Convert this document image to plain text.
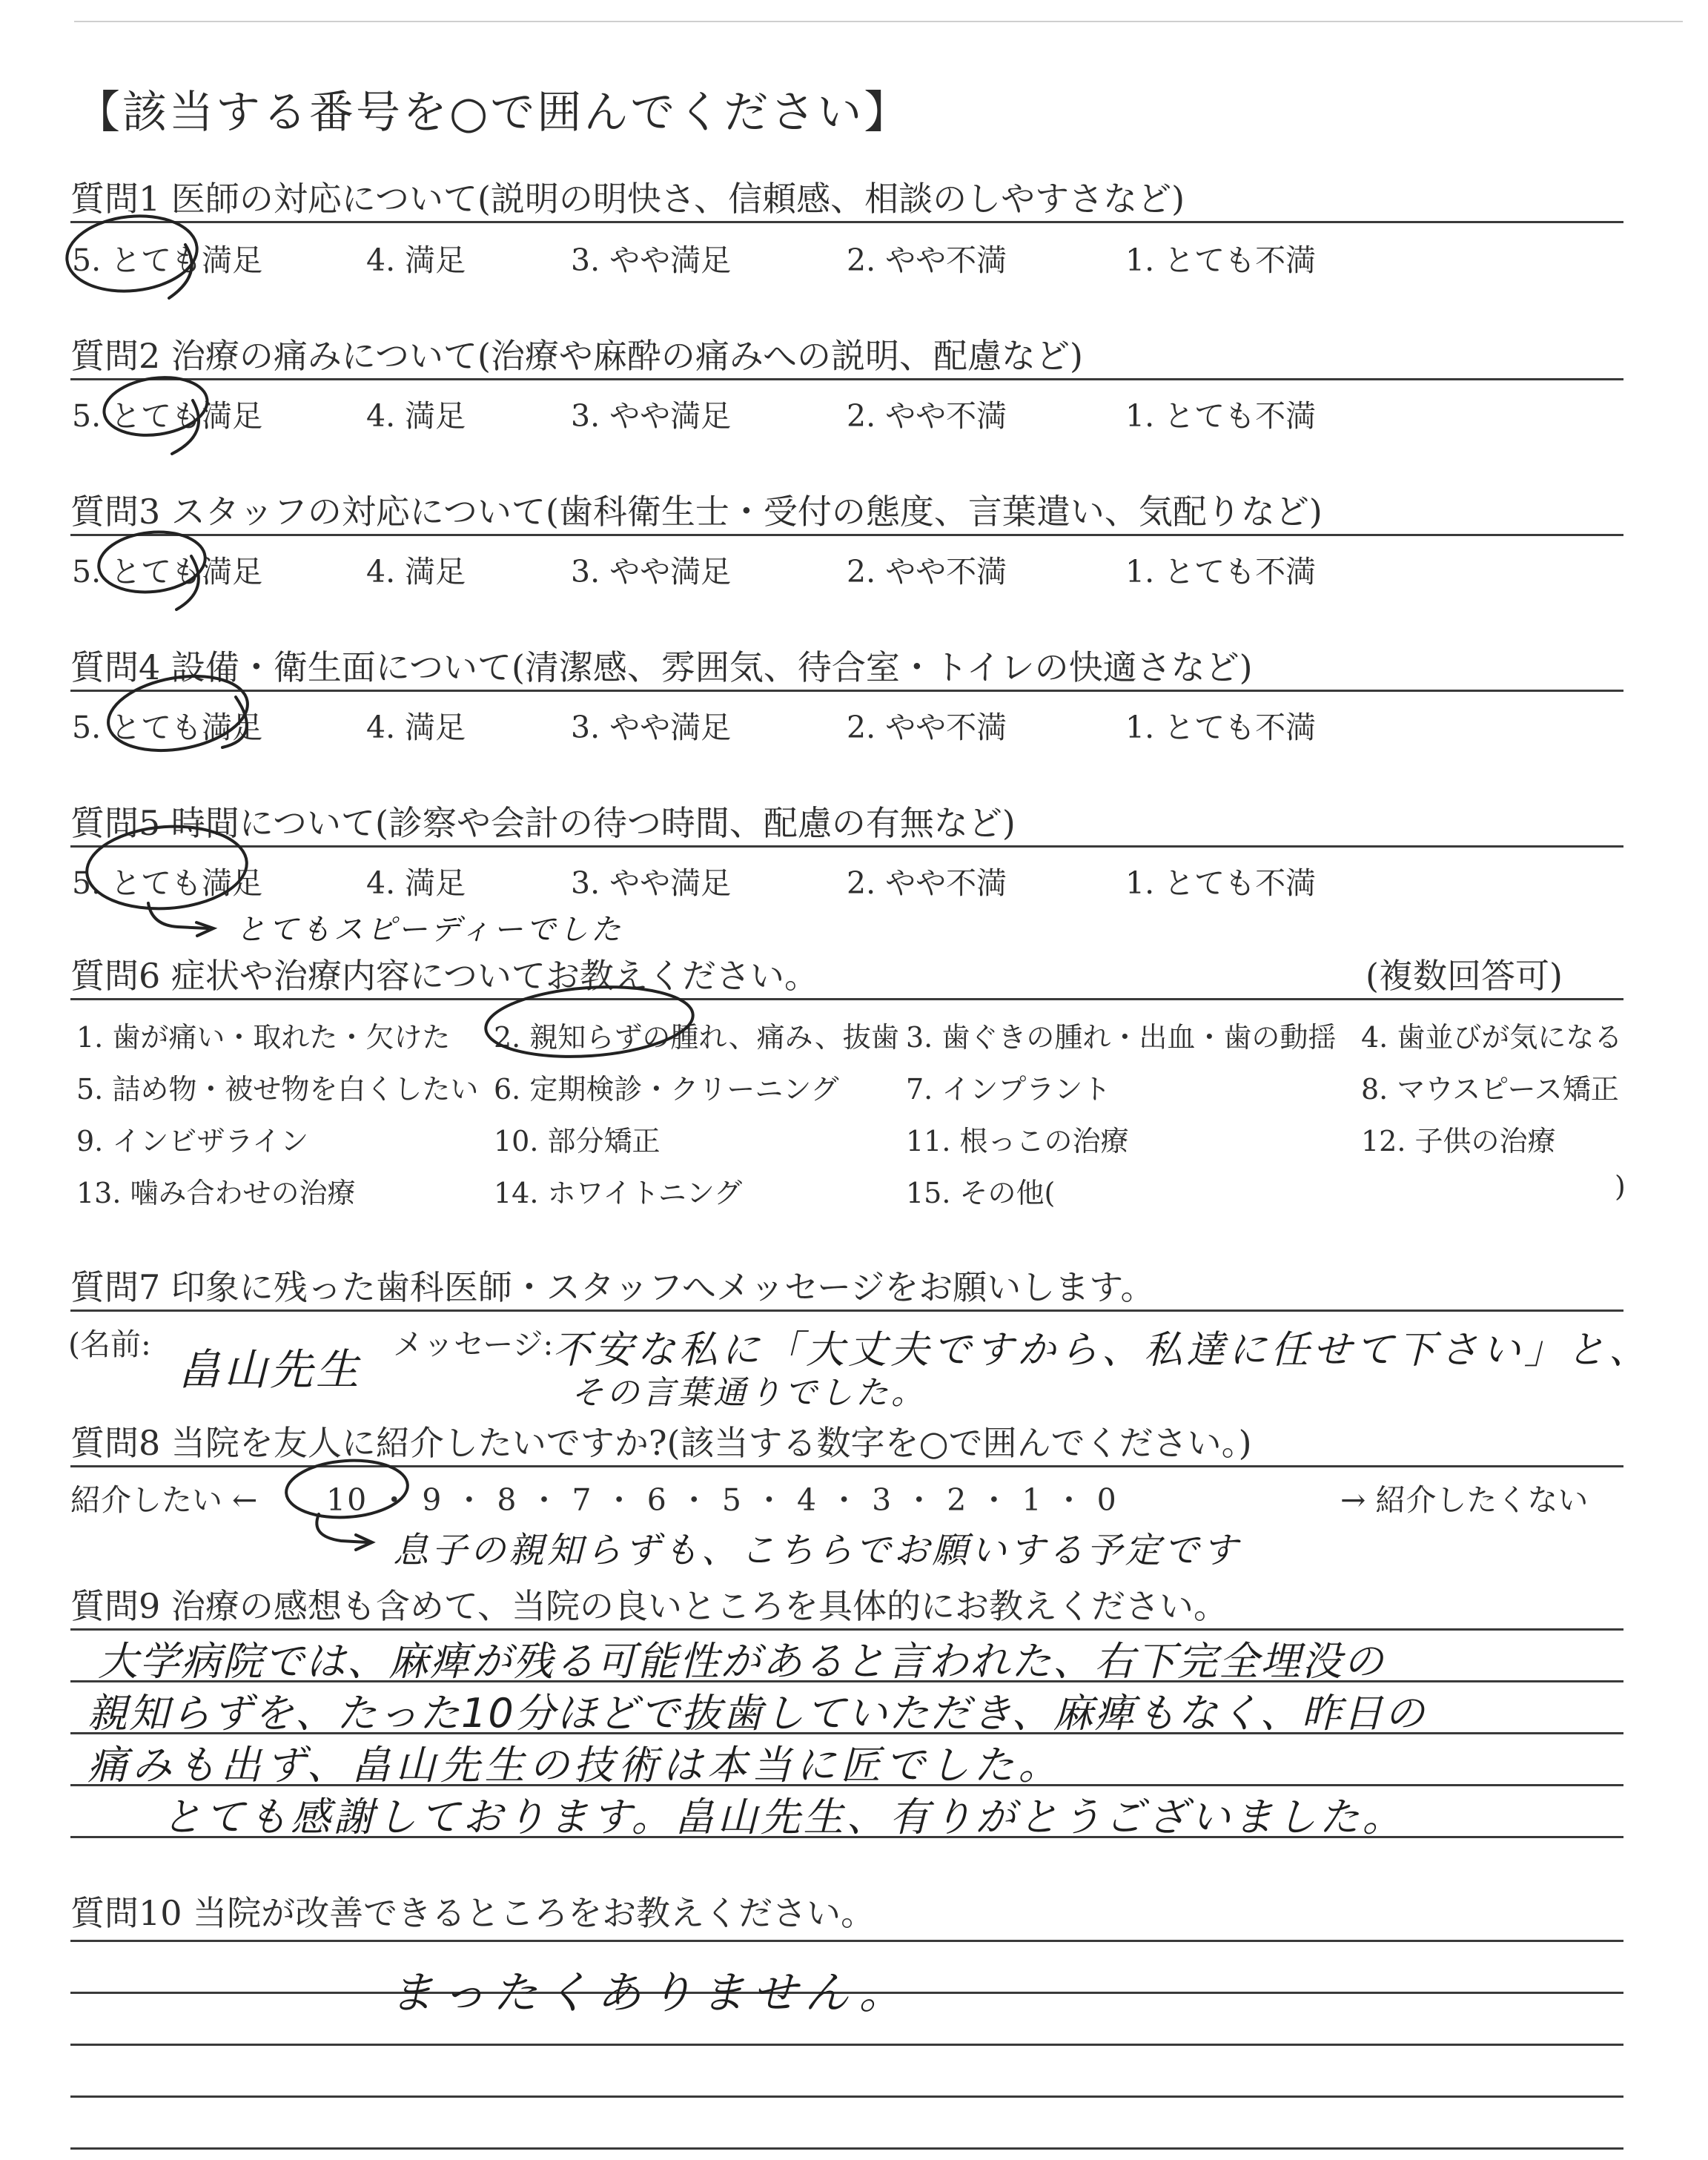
【該当する番号を○で囲んでください】
質問1 医師の対応について(説明の明快さ、信頼感、相談のしやすさなど)
5. とても満足	4. 満足	3. やや満足	2. やや不満	1. とても不満
質問2 治療の痛みについて(治療や麻酔の痛みへの説明、配慮など)
5. とても満足	4. 満足	3. やや満足	2. やや不満	1. とても不満
質問3 スタッフの対応について(歯科衛生士・受付の態度、言葉遣い、気配りなど)
5. とても満足	4. 満足	3. やや満足	2. やや不満	1. とても不満
質問4 設備・衛生面について(清潔感、雰囲気、待合室・トイレの快適さなど)
5. とても満足	4. 満足	3. やや満足	2. やや不満	1. とても不満
質問5 時間について(診察や会計の待つ時間、配慮の有無など)
5. とても満足	4. 満足	3. やや満足	2. やや不満	1. とても不満
とてもスピーディーでした
質問6 症状や治療内容についてお教えください。	(複数回答可)
1. 歯が痛い・取れた・欠けた 2. 親知らずの腫れ、痛み、抜歯 3. 歯ぐきの腫れ・出血・歯の動揺 4. 歯並びが気になる
5. 詰め物・被せ物を白くしたい 6. 定期検診・クリーニング 7. インプラント	8. マウスピース矯正
9. インビザライン	10. 部分矯正	11. 根っこの治療	12. 子供の治療
13. 噛み合わせの治療	14. ホワイトニング	15. その他(	)
質問7 印象に残った歯科医師・スタッフへメッセージをお願いします。
(名前: 畠山先生 メッセージ:
不安な私に「大丈夫ですから、私達に任せて下さい」と、
その言葉通りでした。
質問8 当院を友人に紹介したいですか?(該当する数字を○で囲んでください。)
紹介したい ← 10 ・ 9 ・ 8 ・ 7 ・ 6 ・ 5 ・ 4 ・ 3 ・ 2 ・ 1 ・ 0	→ 紹介したくない
息子の親知らずも、こちらでお願いする予定です
質問9 治療の感想も含めて、当院の良いところを具体的にお教えください。
大学病院では、麻痺が残る可能性があると言われた、右下完全埋没の
親知らずを、たった10分ほどで抜歯していただき、麻痺もなく、昨日の
痛みも出ず、畠山先生の技術は本当に匠でした。
とても感謝しております。畠山先生、有りがとうございました。
質問10 当院が改善できるところをお教えください。
まったくありません。
